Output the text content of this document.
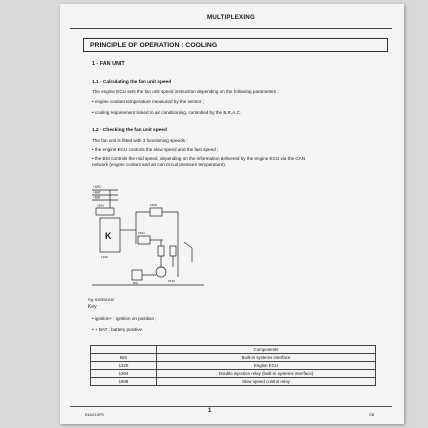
MULTIPLEXING
PRINCIPLE OF OPERATION : COOLING
1 - FAN UNIT
1.1 - Calculating the fan unit speed
The engine ECU sets the fan unit speed instruction depending on the following parameters :
• engine coolant temperature measured by the sensor ;
• cooling requirement linked to air conditioning, controlled by the B.R.A.C.
1.2 - Checking the fan unit speed
The fan unit is fitted with 3 functioning speeds :
• the engine ECU controls the slow speed and the fast speed ;
• the BSI controls the mid speed, depending on the information delivered by the engine ECU via the CAN
network (engine coolant and air con circuit pressure temperature).
+APC
+BAT
+BAT
1304
K
1320
1504
BSI	1510
1508
Fig: B1BEM1NC
Key
• ignition+ : ignition on position ;
• + BAT : battery positive.
	Components
BSI	Built-in systems interface
1320	Engine ECU
1304	Double injection relay (built-in systems interface)
1508	Slow speed control relay
E4AG1GP0
1
GB
